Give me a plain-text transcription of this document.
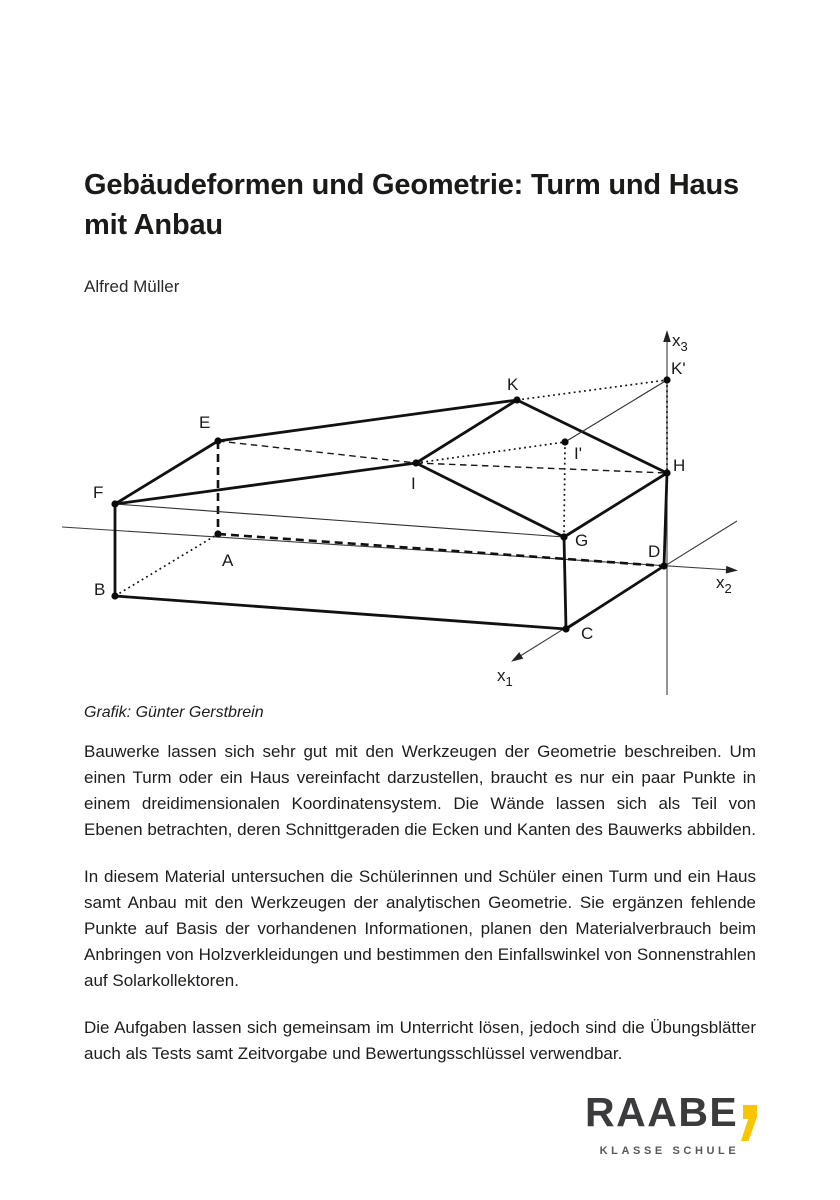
Gebäudeformen und Geometrie: Turm und Haus mit Anbau
Alfred Müller
$x_1$
$x_2$
$x_3$
A
B
C
D
E
F
G
H
I
K
K'
I'
Grafik: Günter Gerstbrein

Bauwerke lassen sich sehr gut mit den Werkzeugen der Geometrie beschreiben. Um einen Turm oder ein Haus vereinfacht darzustellen, braucht es nur ein paar Punkte in einem dreidimensionalen Koordinatensystem. Die Wände lassen sich als Teil von Ebenen betrachten, deren Schnittgeraden die Ecken und Kanten des Bauwerks abbilden.

In diesem Material untersuchen die Schülerinnen und Schüler einen Turm und ein Haus samt Anbau mit den Werkzeugen der analytischen Geometrie. Sie ergänzen fehlende Punkte auf Basis der vorhandenen Informationen, planen den Materialverbrauch beim Anbringen von Holzverkleidungen und bestimmen den Einfallswinkel von Sonnenstrahlen auf Solarkollektoren.

Die Aufgaben lassen sich gemeinsam im Unterricht lösen, jedoch sind die Übungsblätter auch als Tests samt Zeitvorgabe und Bewertungsschlüssel verwendbar.

RAABE
KLASSE SCHULE
